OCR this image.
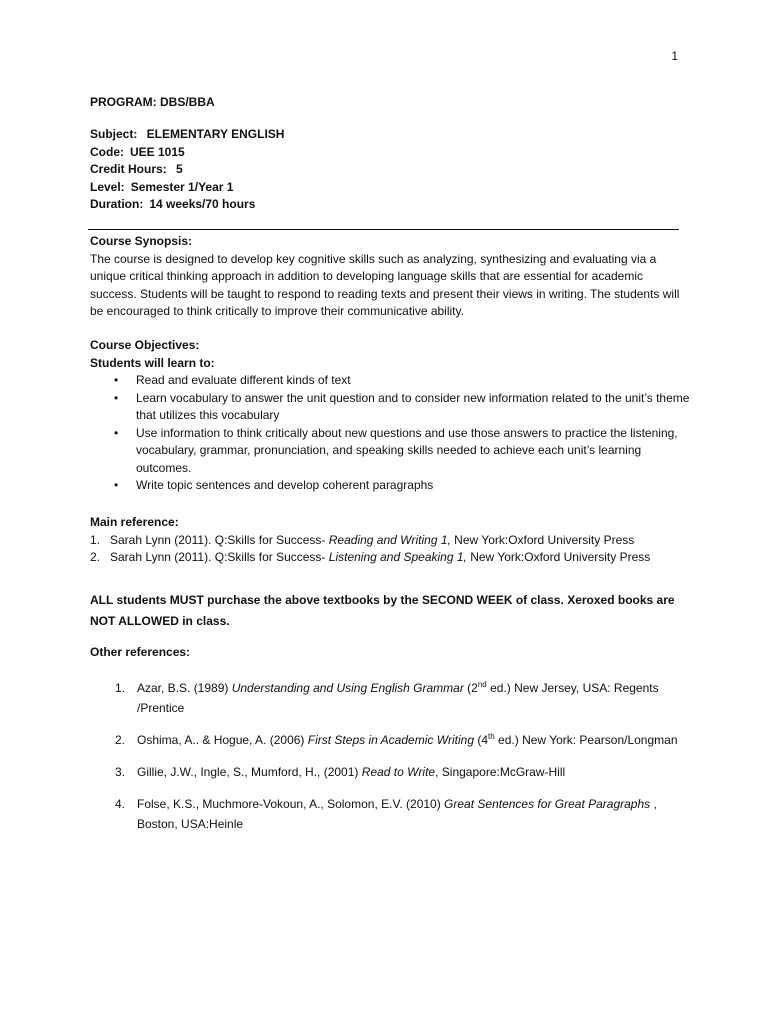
1
PROGRAM: DBS/BBA
Subject: ELEMENTARY ENGLISH
Code: UEE 1015
Credit Hours: 5
Level: Semester 1/Year 1
Duration: 14 weeks/70 hours
Course Synopsis:
The course is designed to develop key cognitive skills such as analyzing, synthesizing and evaluating via a unique critical thinking approach in addition to developing language skills that are essential for academic success. Students will be taught to respond to reading texts and present their views in writing. The students will be encouraged to think critically to improve their communicative ability.
Course Objectives:
Students will learn to:
• Read and evaluate different kinds of text
• Learn vocabulary to answer the unit question and to consider new information related to the unit’s theme that utilizes this vocabulary
• Use information to think critically about new questions and use those answers to practice the listening, vocabulary, grammar, pronunciation, and speaking skills needed to achieve each unit’s learning outcomes.
• Write topic sentences and develop coherent paragraphs
Main reference:
1. Sarah Lynn (2011). Q:Skills for Success- Reading and Writing 1, New York:Oxford University Press
2. Sarah Lynn (2011). Q:Skills for Success- Listening and Speaking 1, New York:Oxford University Press
ALL students MUST purchase the above textbooks by the SECOND WEEK of class. Xeroxed books are NOT ALLOWED in class.
Other references:
1. Azar, B.S. (1989) Understanding and Using English Grammar (2nd ed.) New Jersey, USA: Regents /Prentice
2. Oshima, A.. & Hogue, A. (2006) First Steps in Academic Writing (4th ed.) New York: Pearson/Longman
3. Gillie, J.W., Ingle, S., Mumford, H., (2001) Read to Write, Singapore:McGraw-Hill
4. Folse, K.S., Muchmore-Vokoun, A., Solomon, E.V. (2010) Great Sentences for Great Paragraphs , Boston, USA:Heinle
